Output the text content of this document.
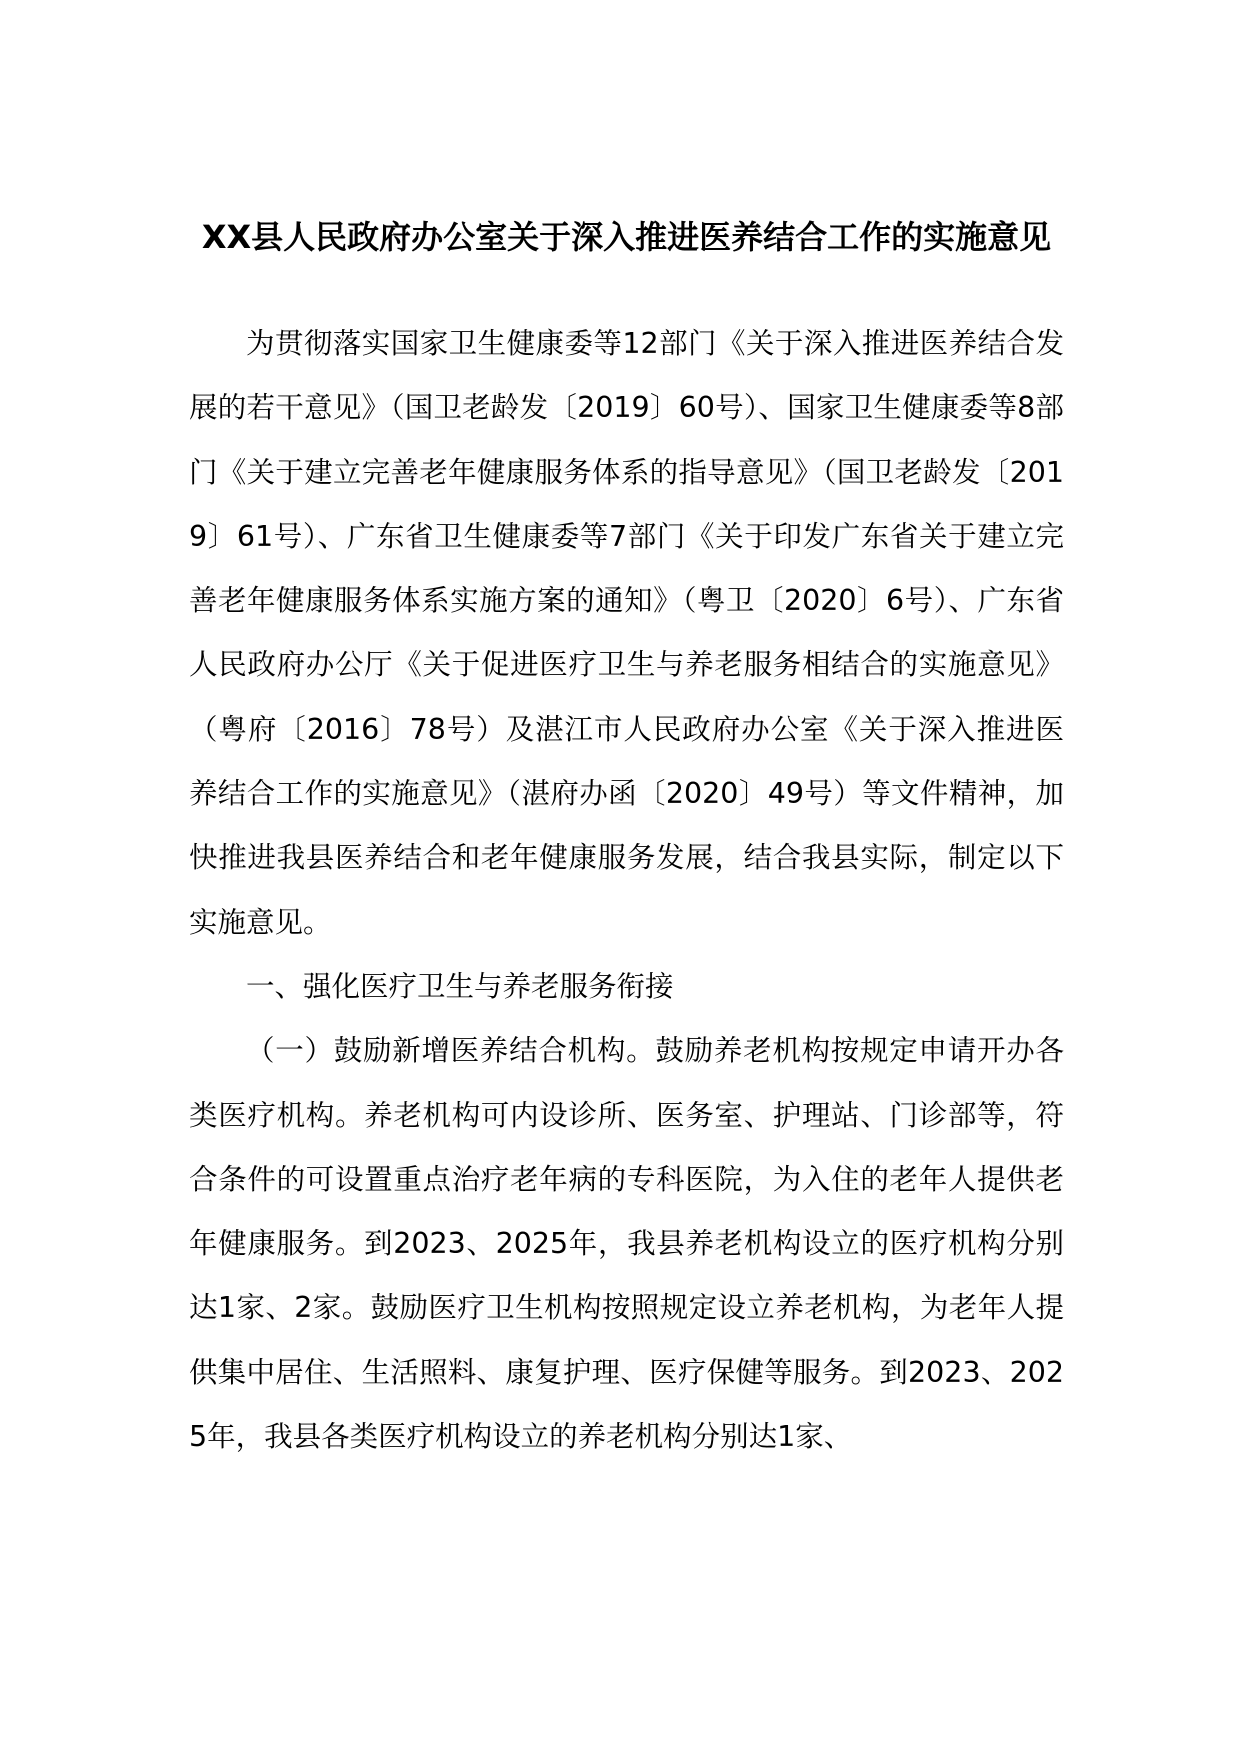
XX县人民政府办公室关于深入推进医养结合工作的实施意见

为贯彻落实国家卫生健康委等12部门《关于深入推进医养结合发展的若干意见》（国卫老龄发〔2019〕60号）、国家卫生健康委等8部门《关于建立完善老年健康服务体系的指导意见》（国卫老龄发〔2019〕61号）、广东省卫生健康委等7部门《关于印发广东省关于建立完善老年健康服务体系实施方案的通知》（粤卫〔2020〕6号）、广东省人民政府办公厅《关于促进医疗卫生与养老服务相结合的实施意见》（粤府〔2016〕78号）及湛江市人民政府办公室《关于深入推进医养结合工作的实施意见》（湛府办函〔2020〕49号）等文件精神，加快推进我县医养结合和老年健康服务发展，结合我县实际，制定以下实施意见。

一、强化医疗卫生与养老服务衔接

（一）鼓励新增医养结合机构。鼓励养老机构按规定申请开办各类医疗机构。养老机构可内设诊所、医务室、护理站、门诊部等，符合条件的可设置重点治疗老年病的专科医院，为入住的老年人提供老年健康服务。到2023、2025年，我县养老机构设立的医疗机构分别达1家、2家。鼓励医疗卫生机构按照规定设立养老机构，为老年人提供集中居住、生活照料、康复护理、医疗保健等服务。到2023、2025年，我县各类医疗机构设立的养老机构分别达1家、
